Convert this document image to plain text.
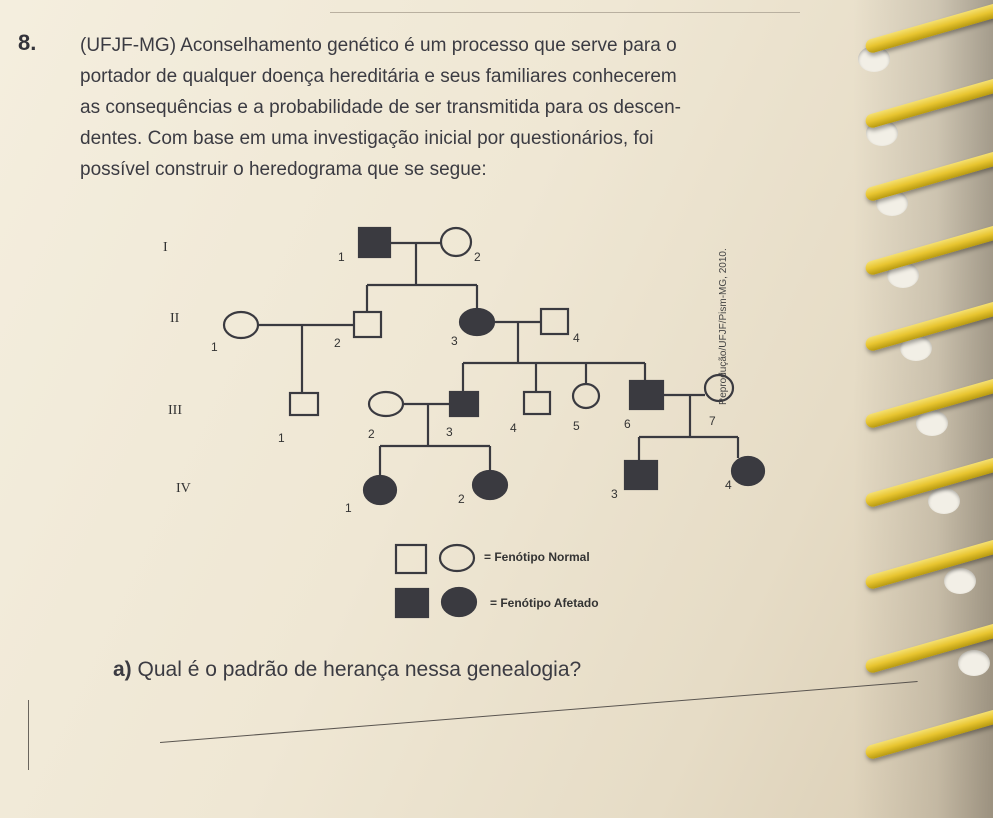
8. (UFJF-MG) Aconselhamento genético é um processo que serve para o

portador de qualquer doença hereditária e seus familiares conhecerem

as consequências e a probabilidade de ser transmitida para os descen-

dentes. Com base em uma investigação inicial por questionários, foi

possível construir o heredograma que se segue:

I
II
III
IV
1	2
1	2	3	4
1	2	3	4	5	6	7
1
2	3
4
Reprodução/UFJF/Pism-MG, 2010.
= Fenótipo Normal
= Fenótipo Afetado
a) Qual é o padrão de herança nessa genealogia?
